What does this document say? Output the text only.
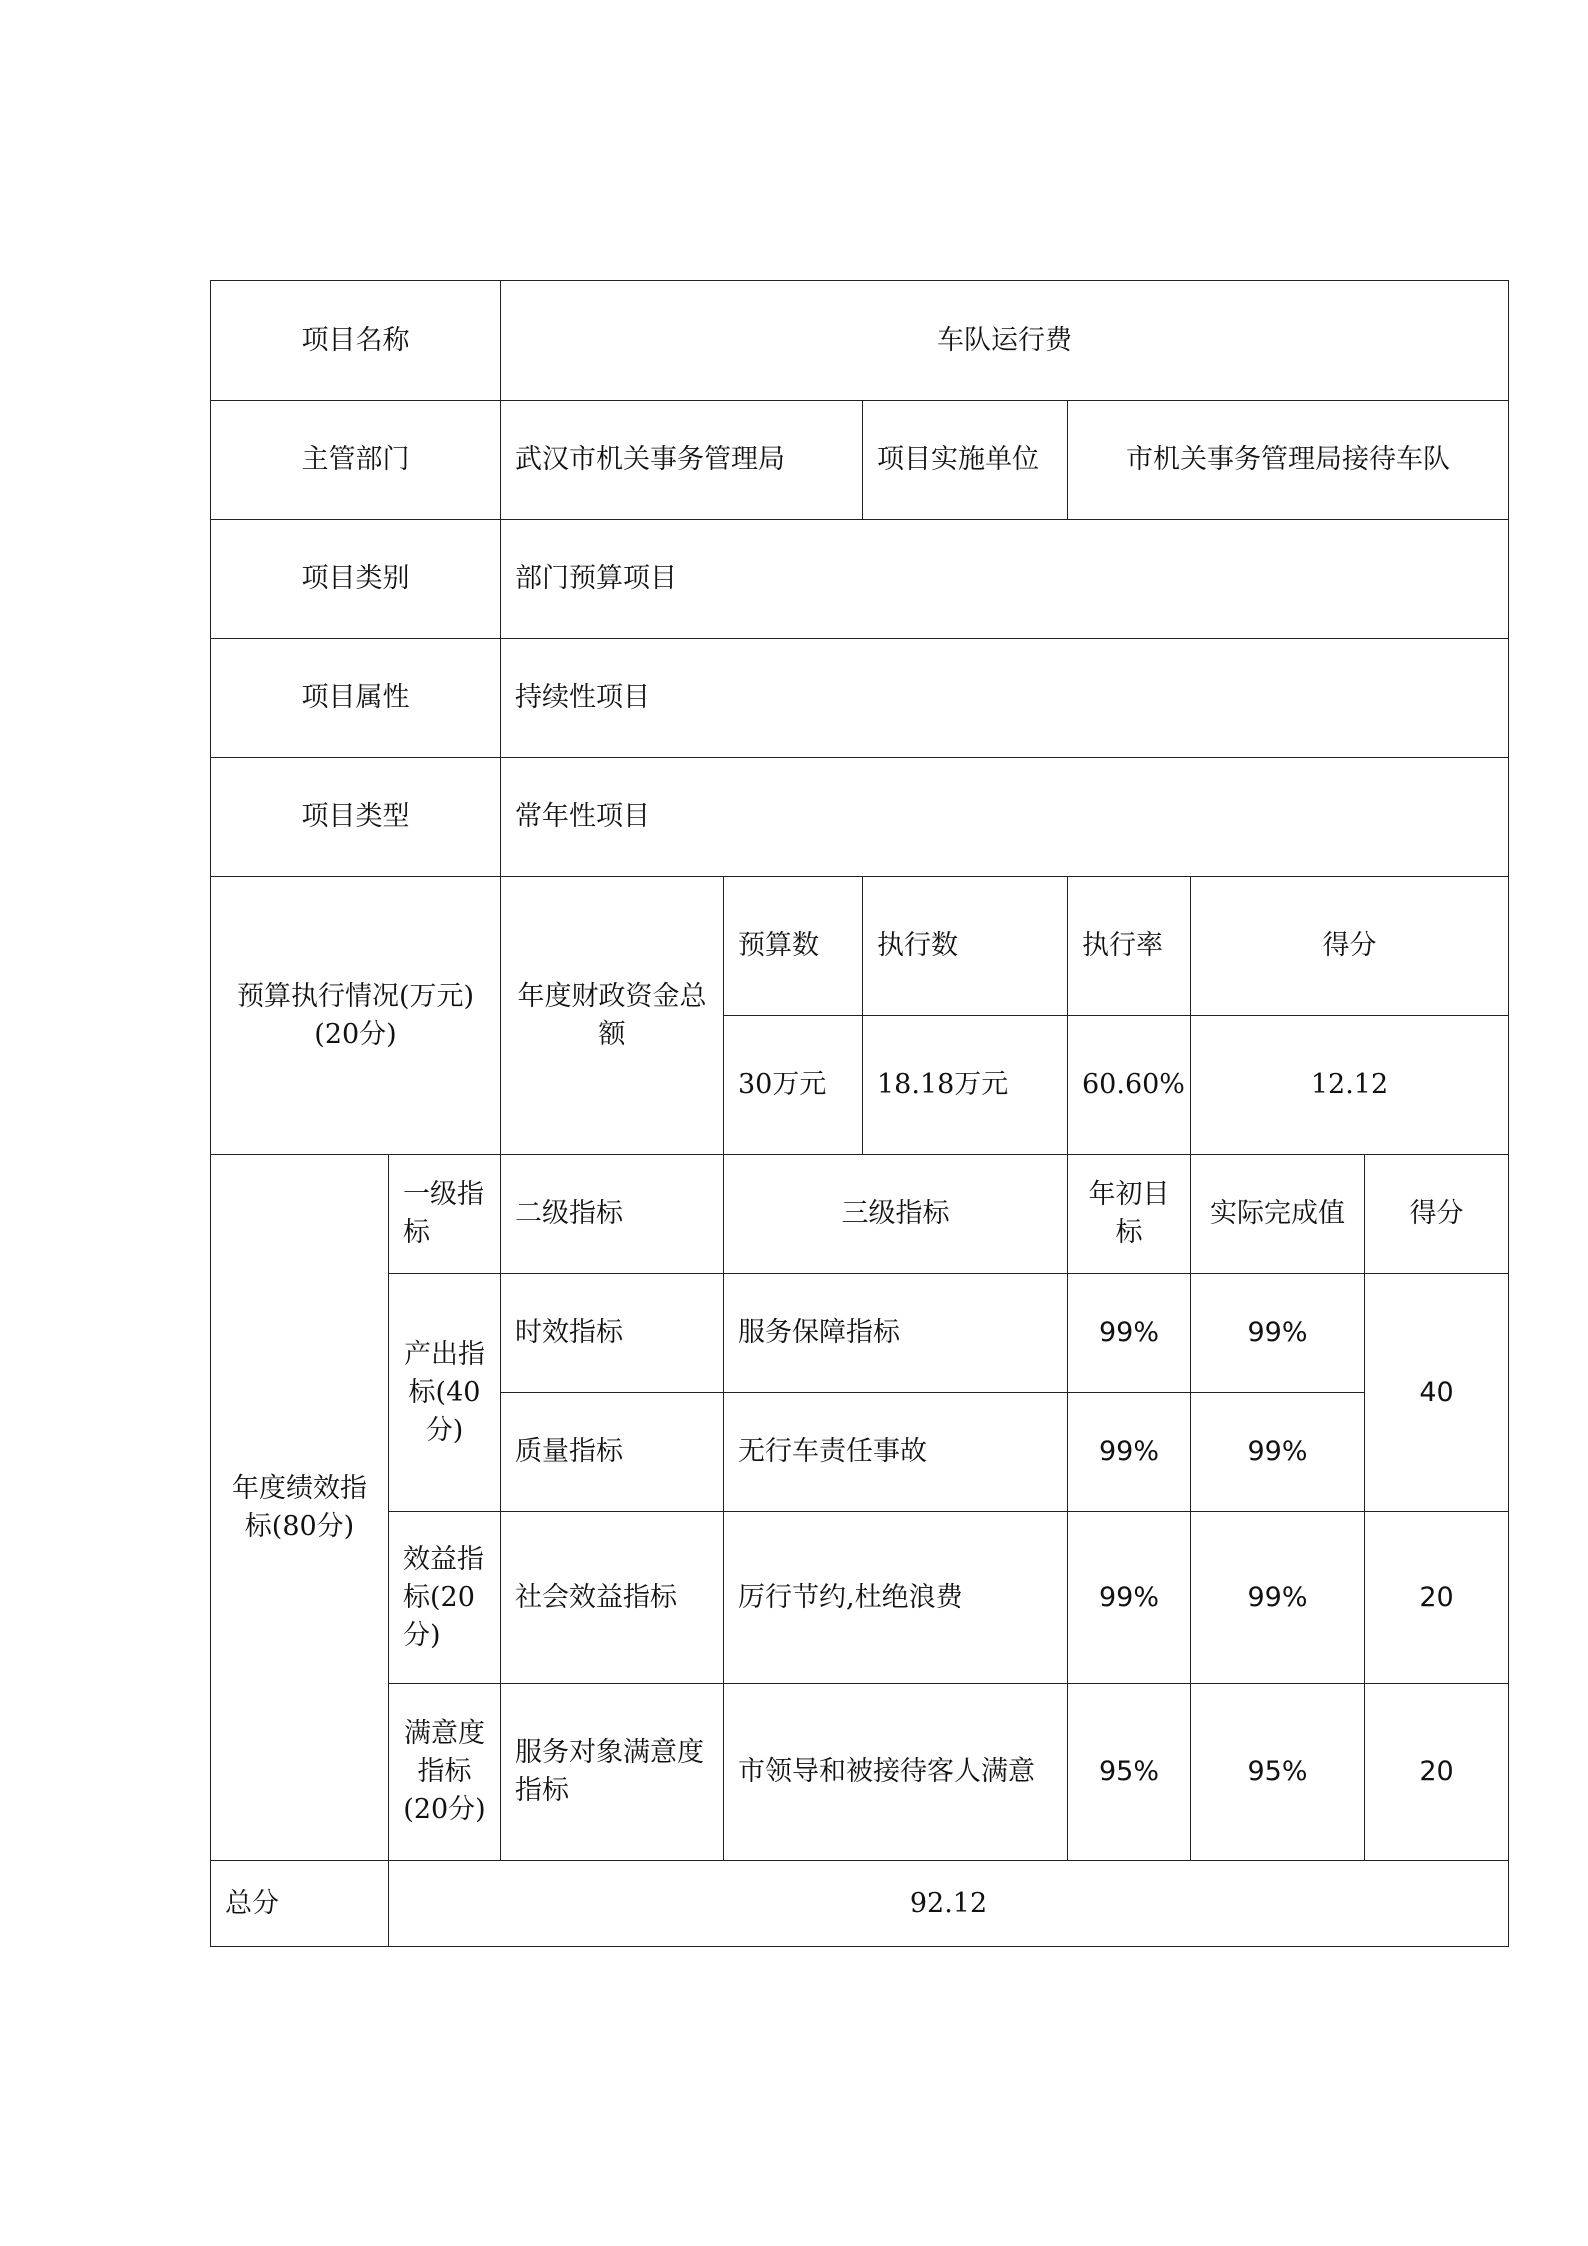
项目名称		车队运行费					
主管部门		武汉市机关事务管理局		项目实施单位	市机关事务管理局接待车队		
项目类别		部门预算项目					
项目属性		持续性项目					
项目类型		常年性项目					
预算执行情况(万元)(20分)		年度财政资金总额	预算数	执行数	执行率	得分	
			30万元	18.18万元	60.60%	12.12	
年度绩效指标(80分)	一级指标	二级指标	三级指标		年初目标	实际完成值	得分
	产出指标(40分)	时效指标	服务保障指标		99%	99%	40
		质量指标	无行车责任事故		99%	99%	
	效益指标(20分)	社会效益指标	厉行节约,杜绝浪费		99%	99%	20
	满意度指标(20分)	服务对象满意度指标	市领导和被接待客人满意		95%	95%	20
总分	92.12						
